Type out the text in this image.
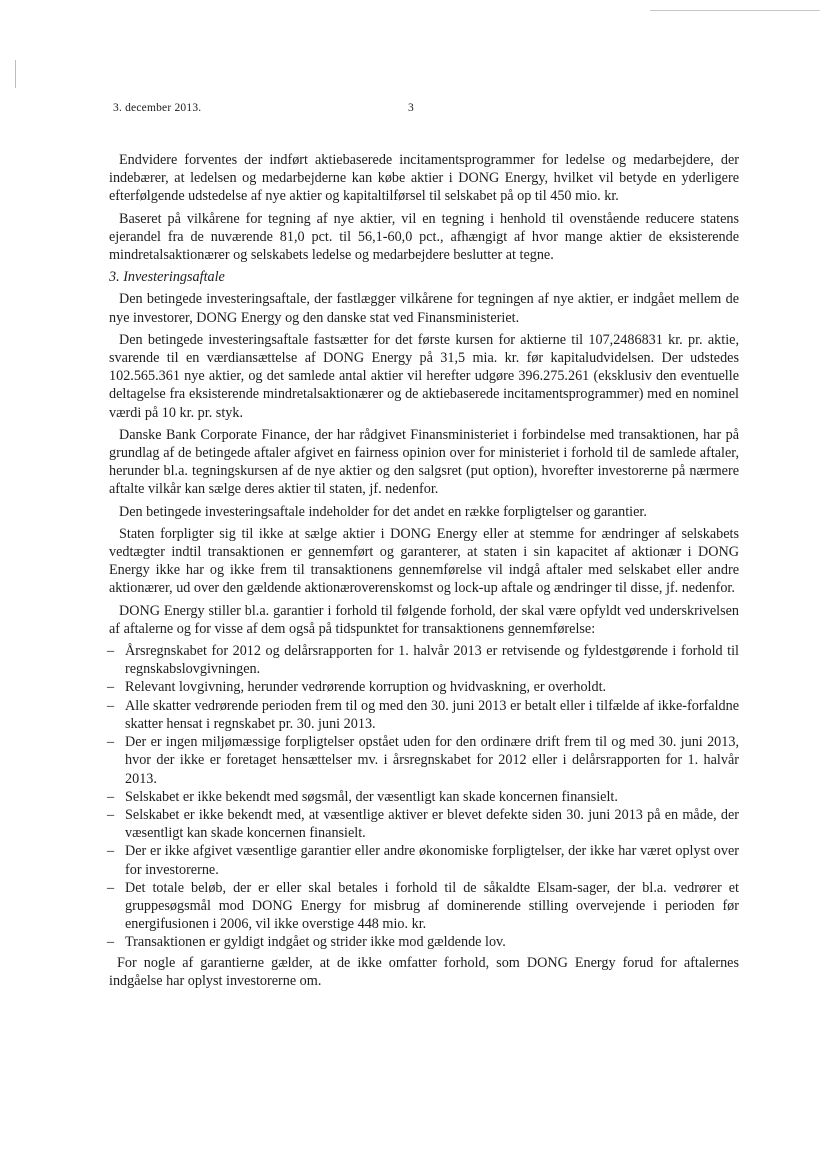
3. december 2013.	3

Endvidere forventes der indført aktiebaserede incitamentsprogrammer for ledelse og medarbejdere, der indebærer, at ledelsen og medarbejderne kan købe aktier i DONG Energy, hvilket vil betyde en yderligere efterfølgende udstedelse af nye aktier og kapitaltilførsel til selskabet på op til 450 mio. kr.

Baseret på vilkårene for tegning af nye aktier, vil en tegning i henhold til ovenstående reducere statens ejerandel fra de nuværende 81,0 pct. til 56,1-60,0 pct., afhængigt af hvor mange aktier de eksisterende mindretalsaktionærer og selskabets ledelse og medarbejdere beslutter at tegne.

3. Investeringsaftale

Den betingede investeringsaftale, der fastlægger vilkårene for tegningen af nye aktier, er indgået mellem de nye investorer, DONG Energy og den danske stat ved Finansministeriet.

Den betingede investeringsaftale fastsætter for det første kursen for aktierne til 107,2486831 kr. pr. aktie, svarende til en værdiansættelse af DONG Energy på 31,5 mia. kr. før kapitaludvidelsen. Der udstedes 102.565.361 nye aktier, og det samlede antal aktier vil herefter udgøre 396.275.261 (eksklusiv den eventuelle deltagelse fra eksisterende mindretalsaktionærer og de aktiebaserede incitamentsprogrammer) med en nominel værdi på 10 kr. pr. styk.

Danske Bank Corporate Finance, der har rådgivet Finansministeriet i forbindelse med transaktionen, har på grundlag af de betingede aftaler afgivet en fairness opinion over for ministeriet i forhold til de samlede aftaler, herunder bl.a. tegningskursen af de nye aktier og den salgsret (put option), hvorefter investorerne på nærmere aftalte vilkår kan sælge deres aktier til staten, jf. nedenfor.

Den betingede investeringsaftale indeholder for det andet en række forpligtelser og garantier.

Staten forpligter sig til ikke at sælge aktier i DONG Energy eller at stemme for ændringer af selskabets vedtægter indtil transaktionen er gennemført og garanterer, at staten i sin kapacitet af aktionær i DONG Energy ikke har og ikke frem til transaktionens gennemførelse vil indgå aftaler med selskabet eller andre aktionærer, ud over den gældende aktionæroverenskomst og lock-up aftale og ændringer til disse, jf. nedenfor.

DONG Energy stiller bl.a. garantier i forhold til følgende forhold, der skal være opfyldt ved underskrivelsen af aftalerne og for visse af dem også på tidspunktet for transaktionens gennemførelse:

– Årsregnskabet for 2012 og delårsrapporten for 1. halvår 2013 er retvisende og fyldestgørende i forhold til regnskabslovgivningen.
– Relevant lovgivning, herunder vedrørende korruption og hvidvaskning, er overholdt.
– Alle skatter vedrørende perioden frem til og med den 30. juni 2013 er betalt eller i tilfælde af ikke-forfaldne skatter hensat i regnskabet pr. 30. juni 2013.
– Der er ingen miljømæssige forpligtelser opstået uden for den ordinære drift frem til og med 30. juni 2013, hvor der ikke er foretaget hensættelser mv. i årsregnskabet for 2012 eller i delårsrapporten for 1. halvår 2013.
– Selskabet er ikke bekendt med søgsmål, der væsentligt kan skade koncernen finansielt.
– Selskabet er ikke bekendt med, at væsentlige aktiver er blevet defekte siden 30. juni 2013 på en måde, der væsentligt kan skade koncernen finansielt.
– Der er ikke afgivet væsentlige garantier eller andre økonomiske forpligtelser, der ikke har været oplyst over for investorerne.
– Det totale beløb, der er eller skal betales i forhold til de såkaldte Elsam-sager, der bl.a. vedrører et gruppesøgsmål mod DONG Energy for misbrug af dominerende stilling overvejende i perioden før energifusionen i 2006, vil ikke overstige 448 mio. kr.
– Transaktionen er gyldigt indgået og strider ikke mod gældende lov.

For nogle af garantierne gælder, at de ikke omfatter forhold, som DONG Energy forud for aftalernes indgåelse har oplyst investorerne om.
